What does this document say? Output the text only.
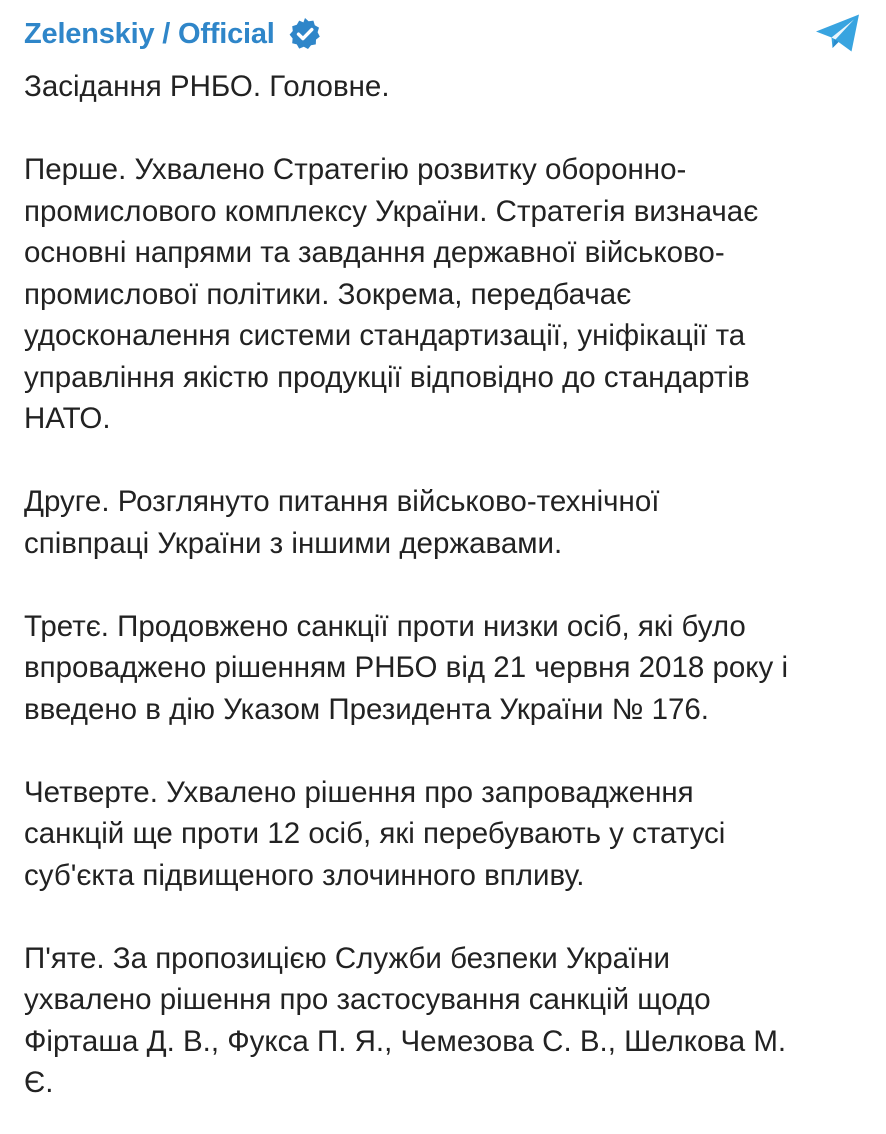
Zelenskiy / Official

Засідання РНБО. Головне.

Перше. Ухвалено Стратегію розвитку оборонно-
промислового комплексу України. Стратегія визначає
основні напрями та завдання державної військово-
промислової політики. Зокрема, передбачає
удосконалення системи стандартизації, уніфікації та
управління якістю продукції відповідно до стандартів
НАТО.

Друге. Розглянуто питання військово-технічної
співпраці України з іншими державами.

Третє. Продовжено санкції проти низки осіб, які було
впроваджено рішенням РНБО від 21 червня 2018 року і
введено в дію Указом Президента України № 176.

Четверте. Ухвалено рішення про запровадження
санкцій ще проти 12 осіб, які перебувають у статусі
суб'єкта підвищеного злочинного впливу.

П'яте. За пропозицією Служби безпеки України
ухвалено рішення про застосування санкцій щодо
Фірташа Д. В., Фукса П. Я., Чемезова С. В., Шелкова М.
Є.
